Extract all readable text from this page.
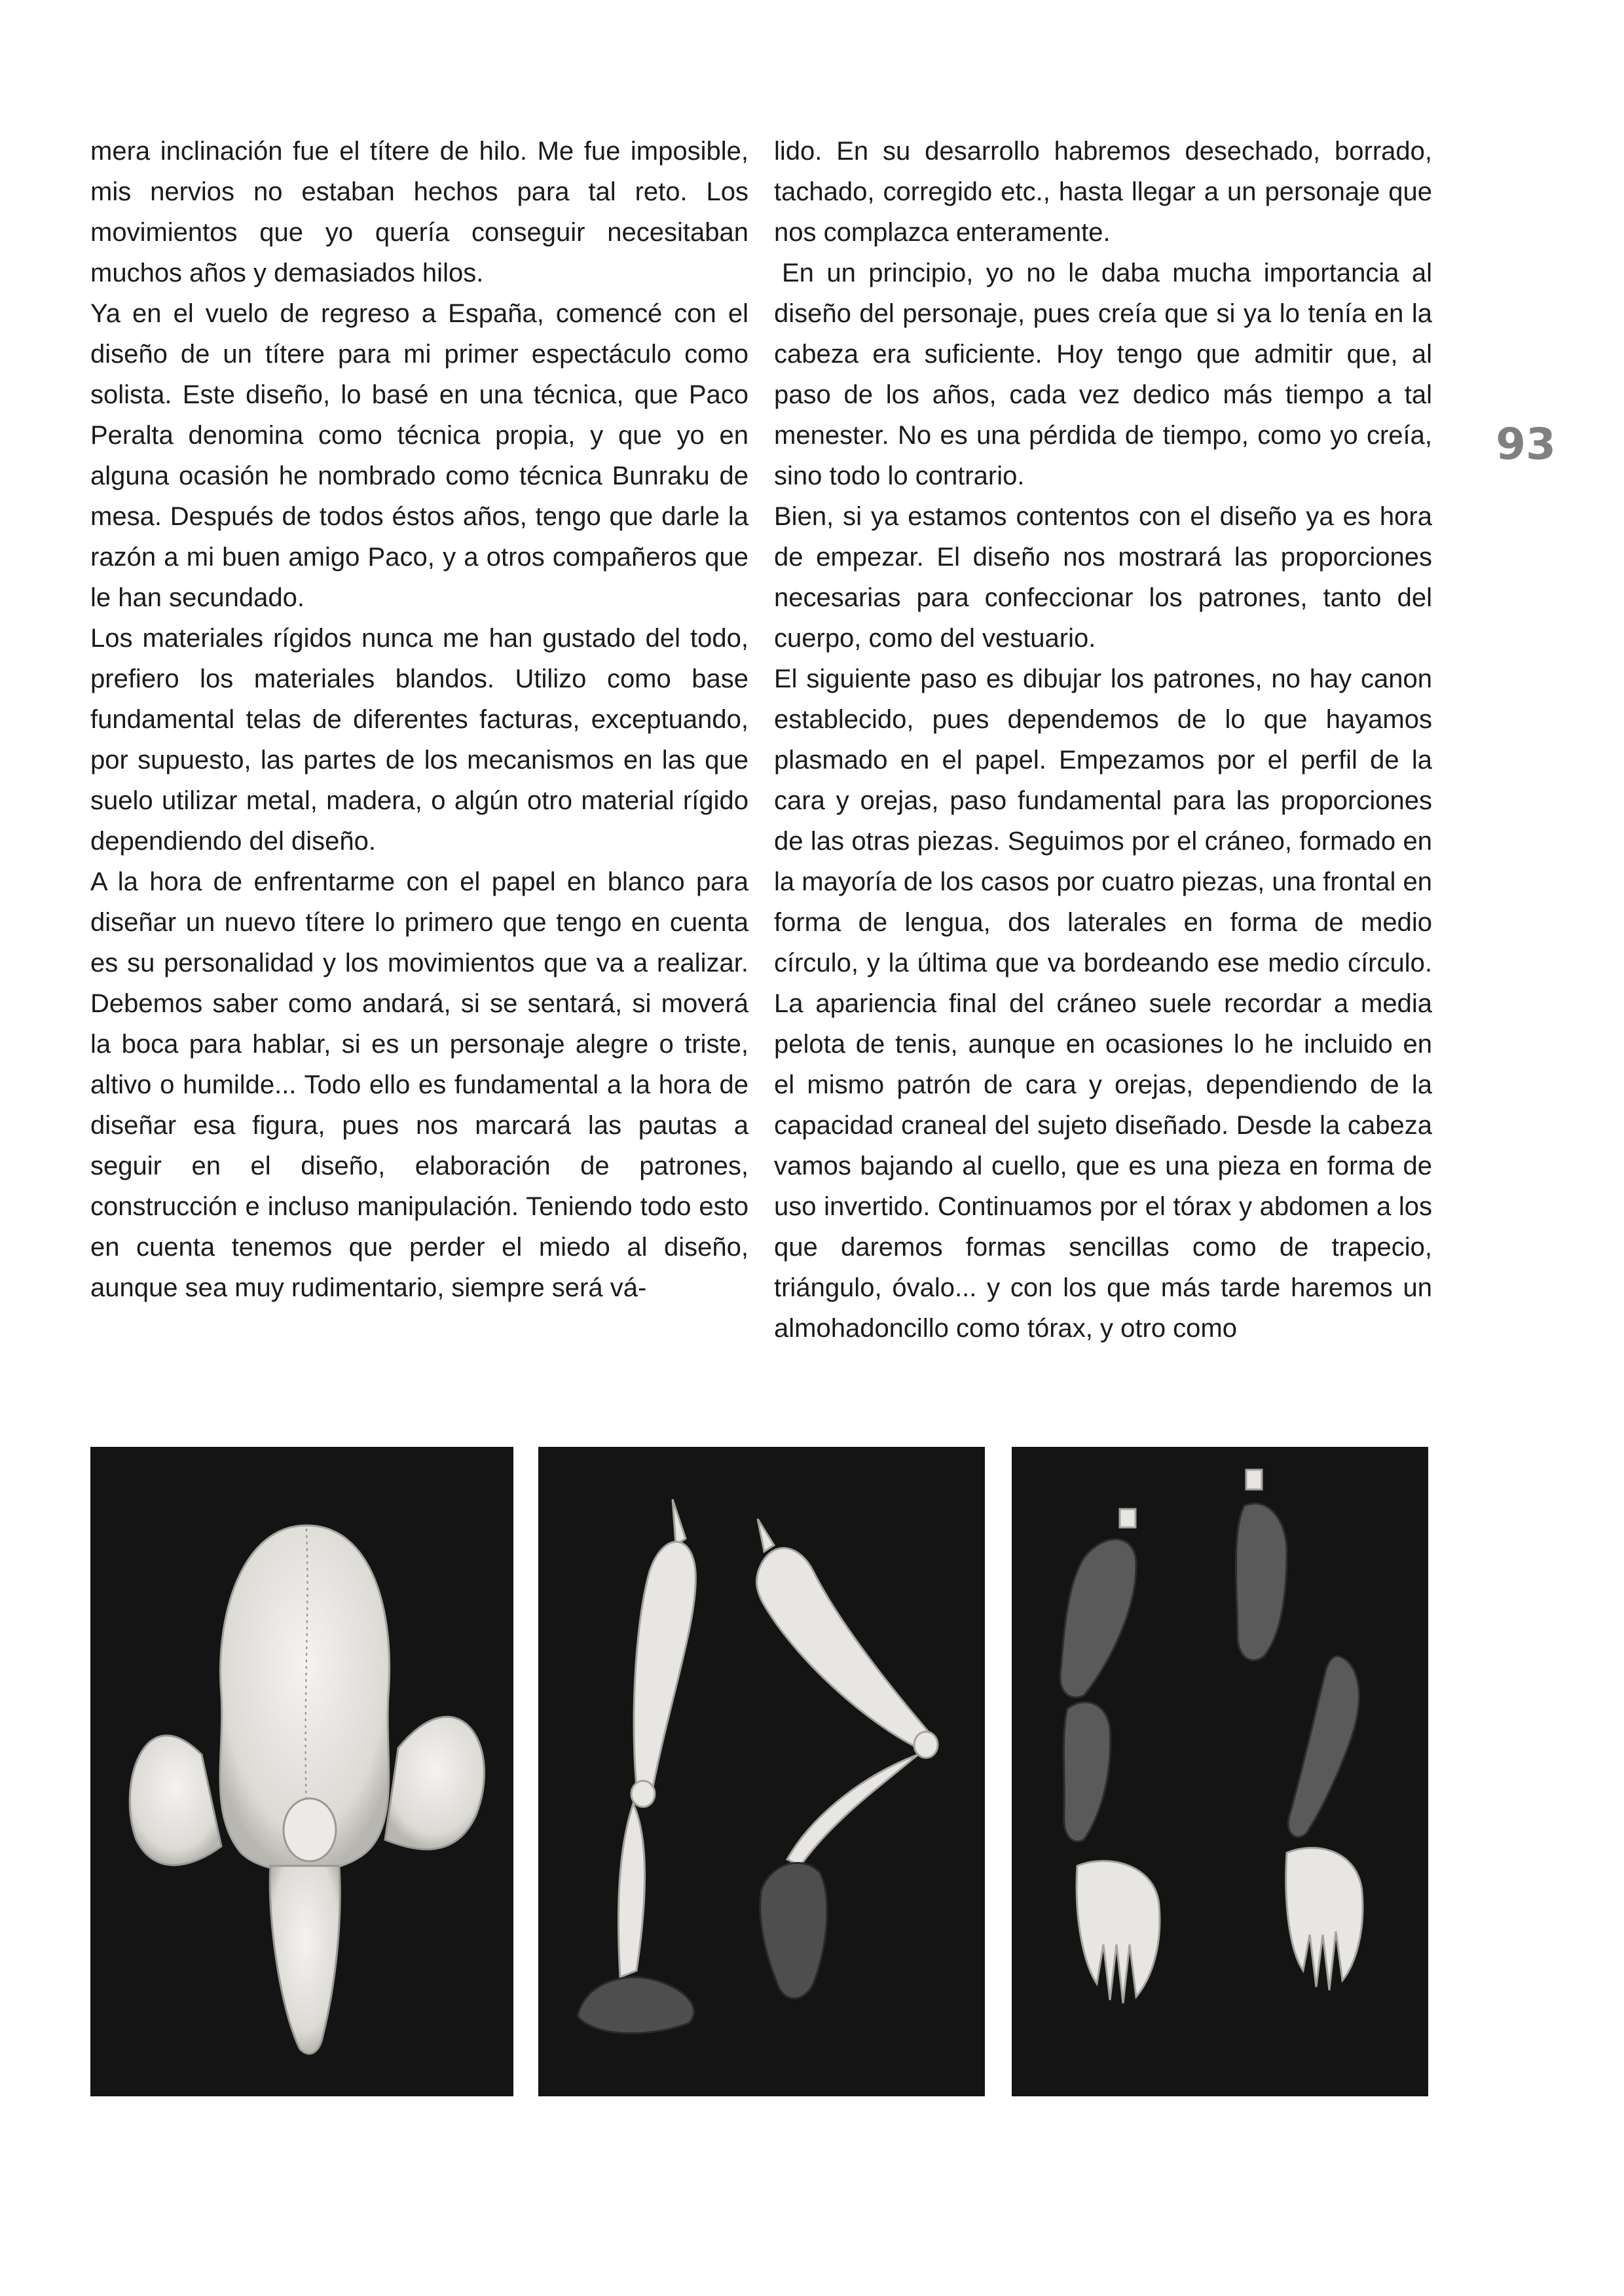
mera inclinación fue el títere de hilo. Me fue imposible, mis nervios no estaban hechos para tal reto. Los movimientos que yo quería conseguir necesitaban muchos años y demasiados hilos.

Ya en el vuelo de regreso a España, comencé con el diseño de un títere para mi primer espectáculo como solista. Este diseño, lo basé en una técnica, que Paco Peralta denomina como técnica propia, y que yo en alguna ocasión he nombrado como técnica Bunraku de mesa. Después de todos éstos años, tengo que darle la razón a mi buen amigo Paco, y a otros compañeros que le han secundado.

Los materiales rígidos nunca me han gustado del todo, prefiero los materiales blandos. Utilizo como base fundamental telas de diferentes facturas, exceptuando, por supuesto, las partes de los mecanismos en las que suelo utilizar metal, madera, o algún otro material rígido dependiendo del diseño.

A la hora de enfrentarme con el papel en blanco para diseñar un nuevo títere lo primero que tengo en cuenta es su personalidad y los movimientos que va a realizar. Debemos saber como andará, si se sentará, si moverá la boca para hablar, si es un personaje alegre o triste, altivo o humilde... Todo ello es fundamental a la hora de diseñar esa figura, pues nos marcará las pautas a seguir en el diseño, elaboración de patrones, construcción e incluso manipulación. Teniendo todo esto en cuenta tenemos que perder el miedo al diseño, aunque sea muy rudimentario, siempre será vá-

lido. En su desarrollo habremos desechado, borrado, tachado, corregido etc., hasta llegar a un personaje que nos complazca enteramente.

En un principio, yo no le daba mucha importancia al diseño del personaje, pues creía que si ya lo tenía en la cabeza era suficiente. Hoy tengo que admitir que, al paso de los años, cada vez dedico más tiempo a tal menester. No es una pérdida de tiempo, como yo creía, sino todo lo contrario.

Bien, si ya estamos contentos con el diseño ya es hora de empezar. El diseño nos mostrará las proporciones necesarias para confeccionar los patrones, tanto del cuerpo, como del vestuario.

El siguiente paso es dibujar los patrones, no hay canon establecido, pues dependemos de lo que hayamos plasmado en el papel. Empezamos por el perfil de la cara y orejas, paso fundamental para las proporciones de las otras piezas. Seguimos por el cráneo, formado en la mayoría de los casos por cuatro piezas, una frontal en forma de lengua, dos laterales en forma de medio círculo, y la última que va bordeando ese medio círculo. La apariencia final del cráneo suele recordar a media pelota de tenis, aunque en ocasiones lo he incluido en el mismo patrón de cara y orejas, dependiendo de la capacidad craneal del sujeto diseñado. Desde la cabeza vamos bajando al cuello, que es una pieza en forma de uso invertido. Continuamos por el tórax y abdomen a los que daremos formas sencillas como de trapecio, triángulo, óvalo... y con los que más tarde haremos un almohadoncillo como tórax, y otro como

93
